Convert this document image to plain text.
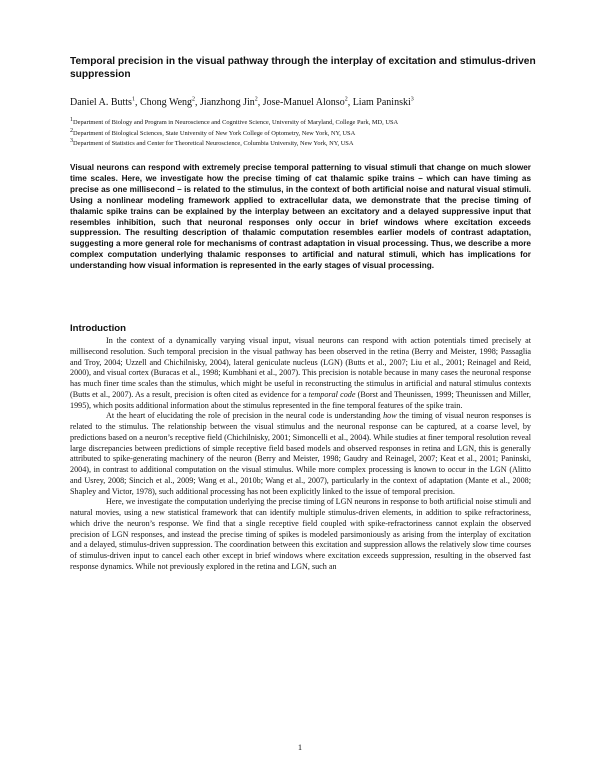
Temporal precision in the visual pathway through the interplay of excitation and stimulus-driven suppression

Daniel A. Butts$^1$, Chong Weng$^2$, Jianzhong Jin$^2$, Jose-Manuel Alonso$^2$, Liam Paninski$^3$

$^1$Department of Biology and Program in Neuroscience and Cognitive Science, University of Maryland, College Park, MD, USA
$^2$Department of Biological Sciences, State University of New York College of Optometry, New York, NY, USA
$^3$Department of Statistics and Center for Theoretical Neuroscience, Columbia University, New York, NY, USA

Visual neurons can respond with extremely precise temporal patterning to visual stimuli that change on much slower time scales. Here, we investigate how the precise timing of cat thalamic spike trains – which can have timing as precise as one millisecond – is related to the stimulus, in the context of both artificial noise and natural visual stimuli. Using a nonlinear modeling framework applied to extracellular data, we demonstrate that the precise timing of thalamic spike trains can be explained by the interplay between an excitatory and a delayed suppressive input that resembles inhibition, such that neuronal responses only occur in brief windows where excitation exceeds suppression. The resulting description of thalamic computation resembles earlier models of contrast adaptation, suggesting a more general role for mechanisms of contrast adaptation in visual processing. Thus, we describe a more complex computation underlying thalamic responses to artificial and natural stimuli, which has implications for understanding how visual information is represented in the early stages of visual processing.

Introduction

In the context of a dynamically varying visual input, visual neurons can respond with action potentials timed precisely at millisecond resolution. Such temporal precision in the visual pathway has been observed in the retina (Berry and Meister, 1998; Passaglia and Troy, 2004; Uzzell and Chichilnisky, 2004), lateral geniculate nucleus (LGN) (Butts et al., 2007; Liu et al., 2001; Reinagel and Reid, 2000), and visual cortex (Buracas et al., 1998; Kumbhani et al., 2007). This precision is notable because in many cases the neuronal response has much finer time scales than the stimulus, which might be useful in reconstructing the stimulus in artificial and natural stimulus contexts (Butts et al., 2007). As a result, precision is often cited as evidence for a temporal code (Borst and Theunissen, 1999; Theunissen and Miller, 1995), which posits additional information about the stimulus represented in the fine temporal features of the spike train.

At the heart of elucidating the role of precision in the neural code is understanding how the timing of visual neuron responses is related to the stimulus. The relationship between the visual stimulus and the neuronal response can be captured, at a coarse level, by predictions based on a neuron’s receptive field (Chichilnisky, 2001; Simoncelli et al., 2004). While studies at finer temporal resolution reveal large discrepancies between predictions of simple receptive field based models and observed responses in retina and LGN, this is generally attributed to spike-generating machinery of the neuron (Berry and Meister, 1998; Gaudry and Reinagel, 2007; Keat et al., 2001; Paninski, 2004), in contrast to additional computation on the visual stimulus. While more complex processing is known to occur in the LGN (Alitto and Usrey, 2008; Sincich et al., 2009; Wang et al., 2010b; Wang et al., 2007), particularly in the context of adaptation (Mante et al., 2008; Shapley and Victor, 1978), such additional processing has not been explicitly linked to the issue of temporal precision.

Here, we investigate the computation underlying the precise timing of LGN neurons in response to both artificial noise stimuli and natural movies, using a new statistical framework that can identify multiple stimulus-driven elements, in addition to spike refractoriness, which drive the neuron’s response. We find that a single receptive field coupled with spike-refractoriness cannot explain the observed precision of LGN responses, and instead the precise timing of spikes is modeled parsimoniously as arising from the interplay of excitation and a delayed, stimulus-driven suppression. The coordination between this excitation and suppression allows the relatively slow time courses of stimulus-driven input to cancel each other except in brief windows where excitation exceeds suppression, resulting in the observed fast response dynamics. While not previously explored in the retina and LGN, such an

1
